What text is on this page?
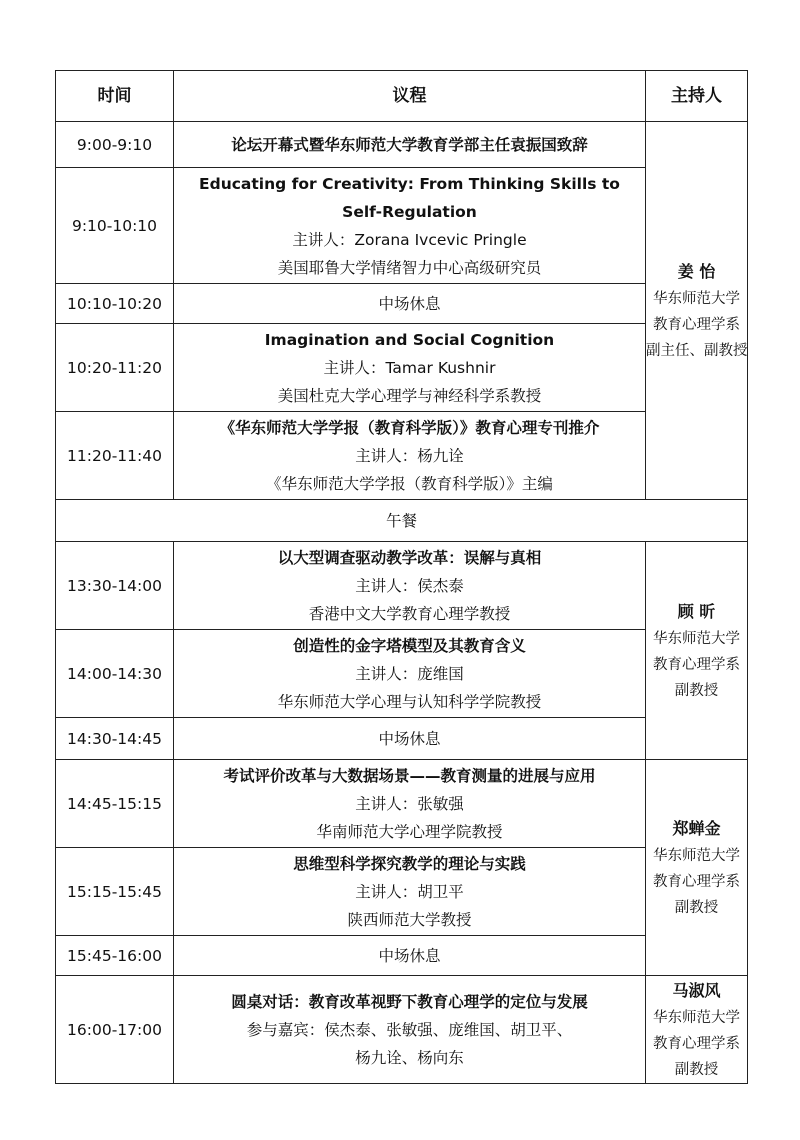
时间	议程	主持人
9:00-9:10	论坛开幕式暨华东师范大学教育学部主任袁振国致辞	姜 怡
华东师范大学
教育心理学系
副主任、副教授

9:10-10:10	Educating for Creativity: From Thinking Skills to
Self-Regulation
主讲人：Zorana Ivcevic Pringle
美国耶鲁大学情绪智力中心高级研究员	

10:10-10:20	中场休息	

10:20-11:20	Imagination and Social Cognition
主讲人：Tamar Kushnir
美国杜克大学心理学与神经科学系教授	

11:20-11:40	《华东师范大学学报（教育科学版）》教育心理专刊推介
主讲人：杨九诠
《华东师范大学学报（教育科学版）》主编	

午餐		
13:30-14:00	以大型调查驱动教学改革：误解与真相
主讲人：侯杰泰
香港中文大学教育心理学教授	顾 昕
华东师范大学
教育心理学系
副教授

14:00-14:30	创造性的金字塔模型及其教育含义
主讲人：庞维国
华东师范大学心理与认知科学学院教授	

14:30-14:45	中场休息	

14:45-15:15	考试评价改革与大数据场景——教育测量的进展与应用
主讲人：张敏强
华南师范大学心理学院教授	郑蝉金
华东师范大学
教育心理学系
副教授

15:15-15:45	思维型科学探究教学的理论与实践
主讲人：胡卫平
陕西师范大学教授	

15:45-16:00	中场休息	

16:00-17:00	圆桌对话：教育改革视野下教育心理学的定位与发展
参与嘉宾：侯杰泰、张敏强、庞维国、胡卫平、
杨九诠、杨向东	马淑风
华东师范大学
教育心理学系
副教授
